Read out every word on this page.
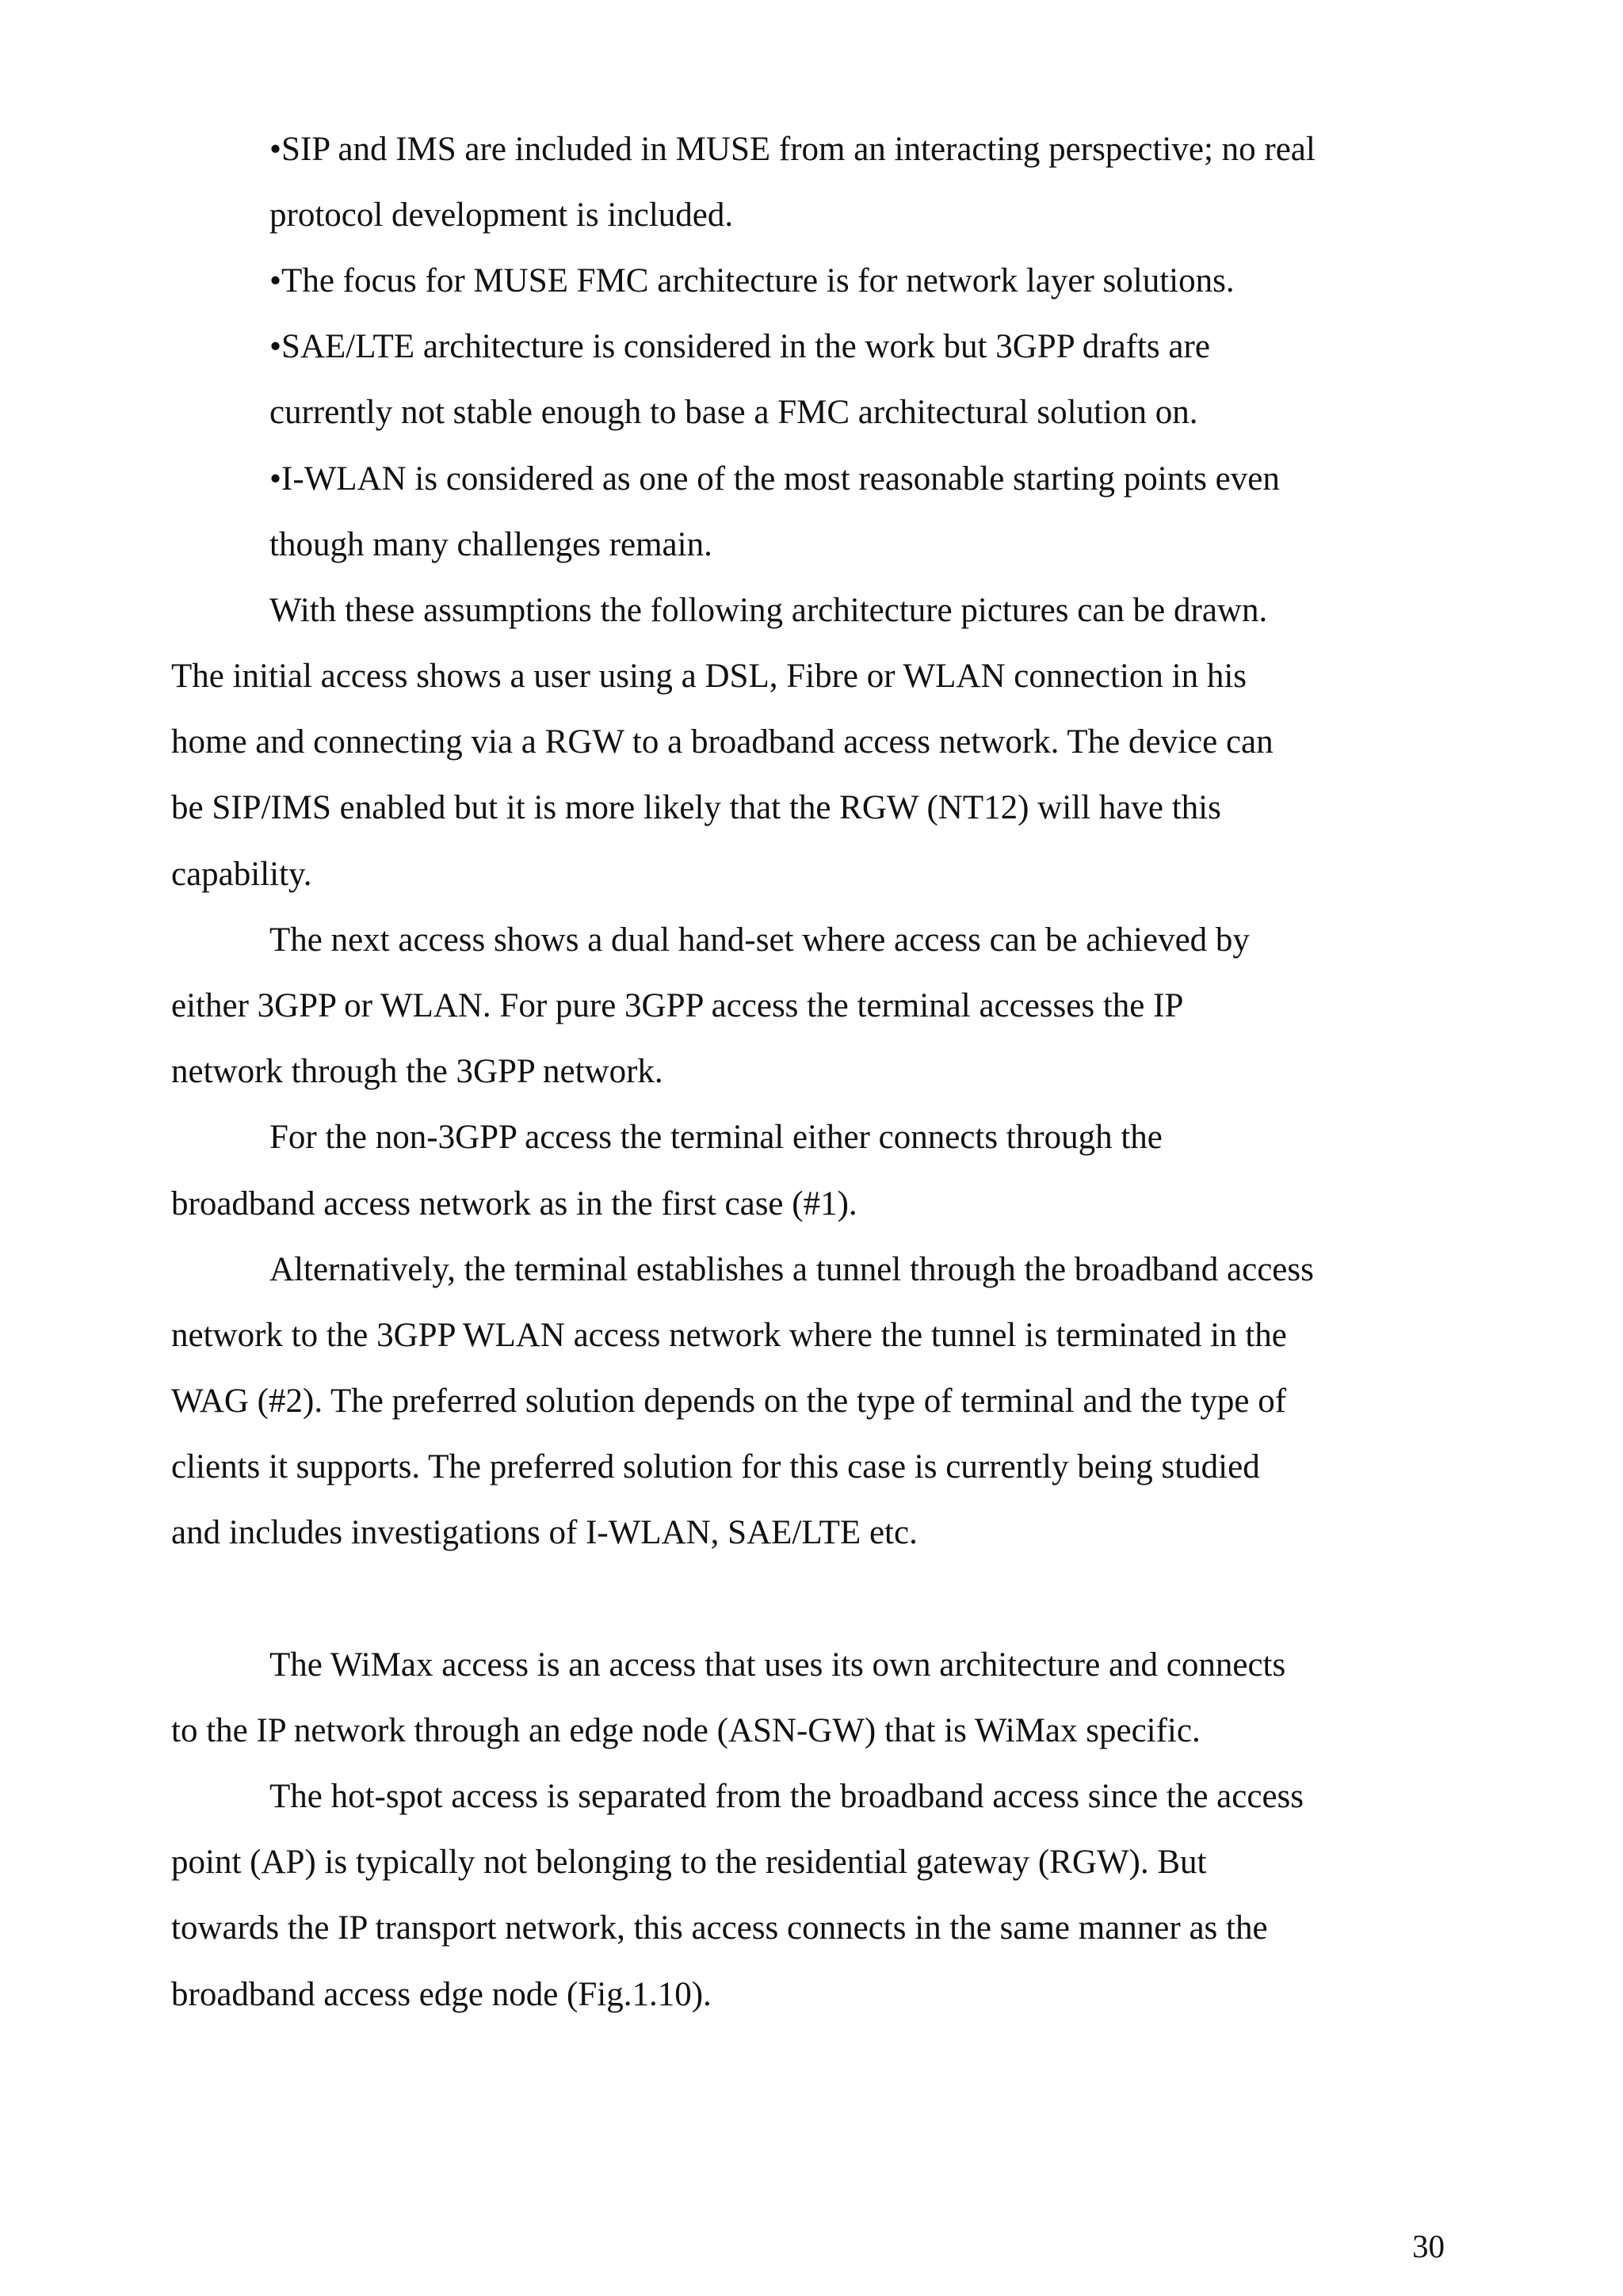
•SIP and IMS are included in MUSE from an interacting perspective; no real
protocol development is included.
•The focus for MUSE FMC architecture is for network layer solutions.
•SAE/LTE architecture is considered in the work but 3GPP drafts are
currently not stable enough to base a FMC architectural solution on.
•I-WLAN is considered as one of the most reasonable starting points even
though many challenges remain.
With these assumptions the following architecture pictures can be drawn.
The initial access shows a user using a DSL, Fibre or WLAN connection in his
home and connecting via a RGW to a broadband access network. The device can
be SIP/IMS enabled but it is more likely that the RGW (NT12) will have this
capability.
The next access shows a dual hand-set where access can be achieved by
either 3GPP or WLAN. For pure 3GPP access the terminal accesses the IP
network through the 3GPP network.
For the non-3GPP access the terminal either connects through the
broadband access network as in the first case (#1).
Alternatively, the terminal establishes a tunnel through the broadband access
network to the 3GPP WLAN access network where the tunnel is terminated in the
WAG (#2). The preferred solution depends on the type of terminal and the type of
clients it supports. The preferred solution for this case is currently being studied
and includes investigations of I-WLAN, SAE/LTE etc.
The WiMax access is an access that uses its own architecture and connects
to the IP network through an edge node (ASN-GW) that is WiMax specific.
The hot-spot access is separated from the broadband access since the access
point (AP) is typically not belonging to the residential gateway (RGW). But
towards the IP transport network, this access connects in the same manner as the
broadband access edge node (Fig.1.10).
30
